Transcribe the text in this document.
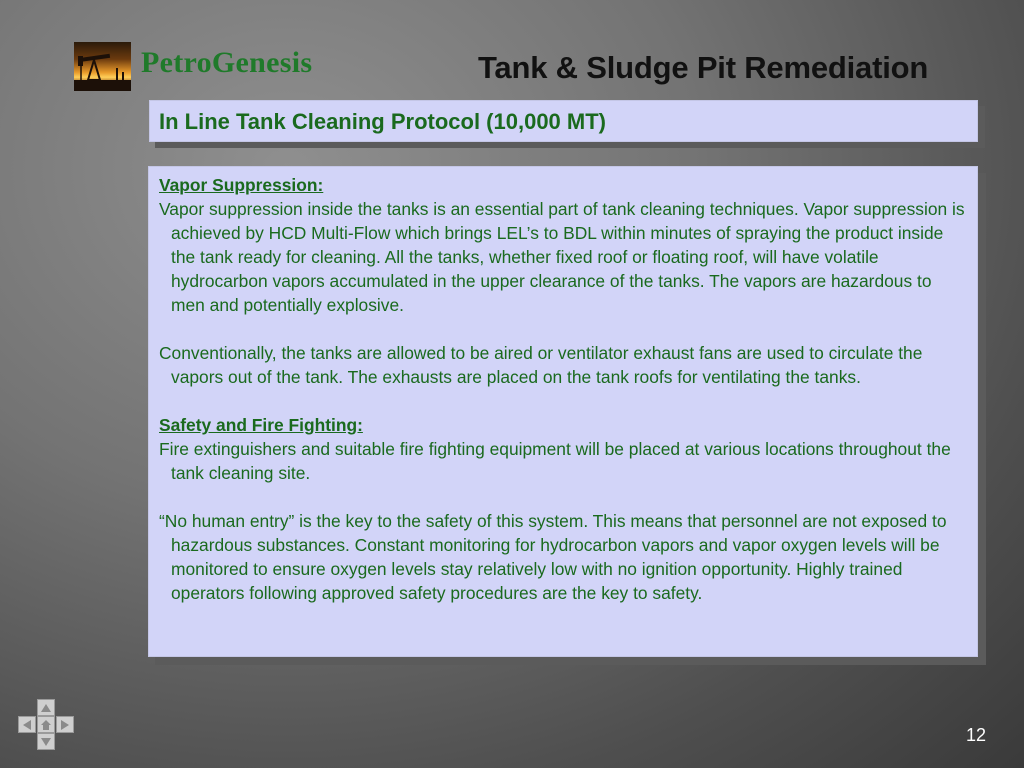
PetroGenesis	Tank & Sludge Pit Remediation
In Line Tank Cleaning Protocol (10,000 MT)

Vapor Suppression:

Vapor suppression inside the tanks is an essential part of tank cleaning techniques. Vapor suppression is achieved by HCD Multi-Flow which brings LEL’s to BDL within minutes of spraying the product inside the tank ready for cleaning. All the tanks, whether fixed roof or floating roof, will have volatile hydrocarbon vapors accumulated in the upper clearance of the tanks. The vapors are hazardous to men and potentially explosive.

Conventionally, the tanks are allowed to be aired or ventilator exhaust fans are used to circulate the vapors out of the tank. The exhausts are placed on the tank roofs for ventilating the tanks.

Safety and Fire Fighting:

Fire extinguishers and suitable fire fighting equipment will be placed at various locations throughout the tank cleaning site.

“No human entry” is the key to the safety of this system. This means that personnel are not exposed to hazardous substances. Constant monitoring for hydrocarbon vapors and vapor oxygen levels will be monitored to ensure oxygen levels stay relatively low with no ignition opportunity. Highly trained operators following approved safety procedures are the key to safety.

12
